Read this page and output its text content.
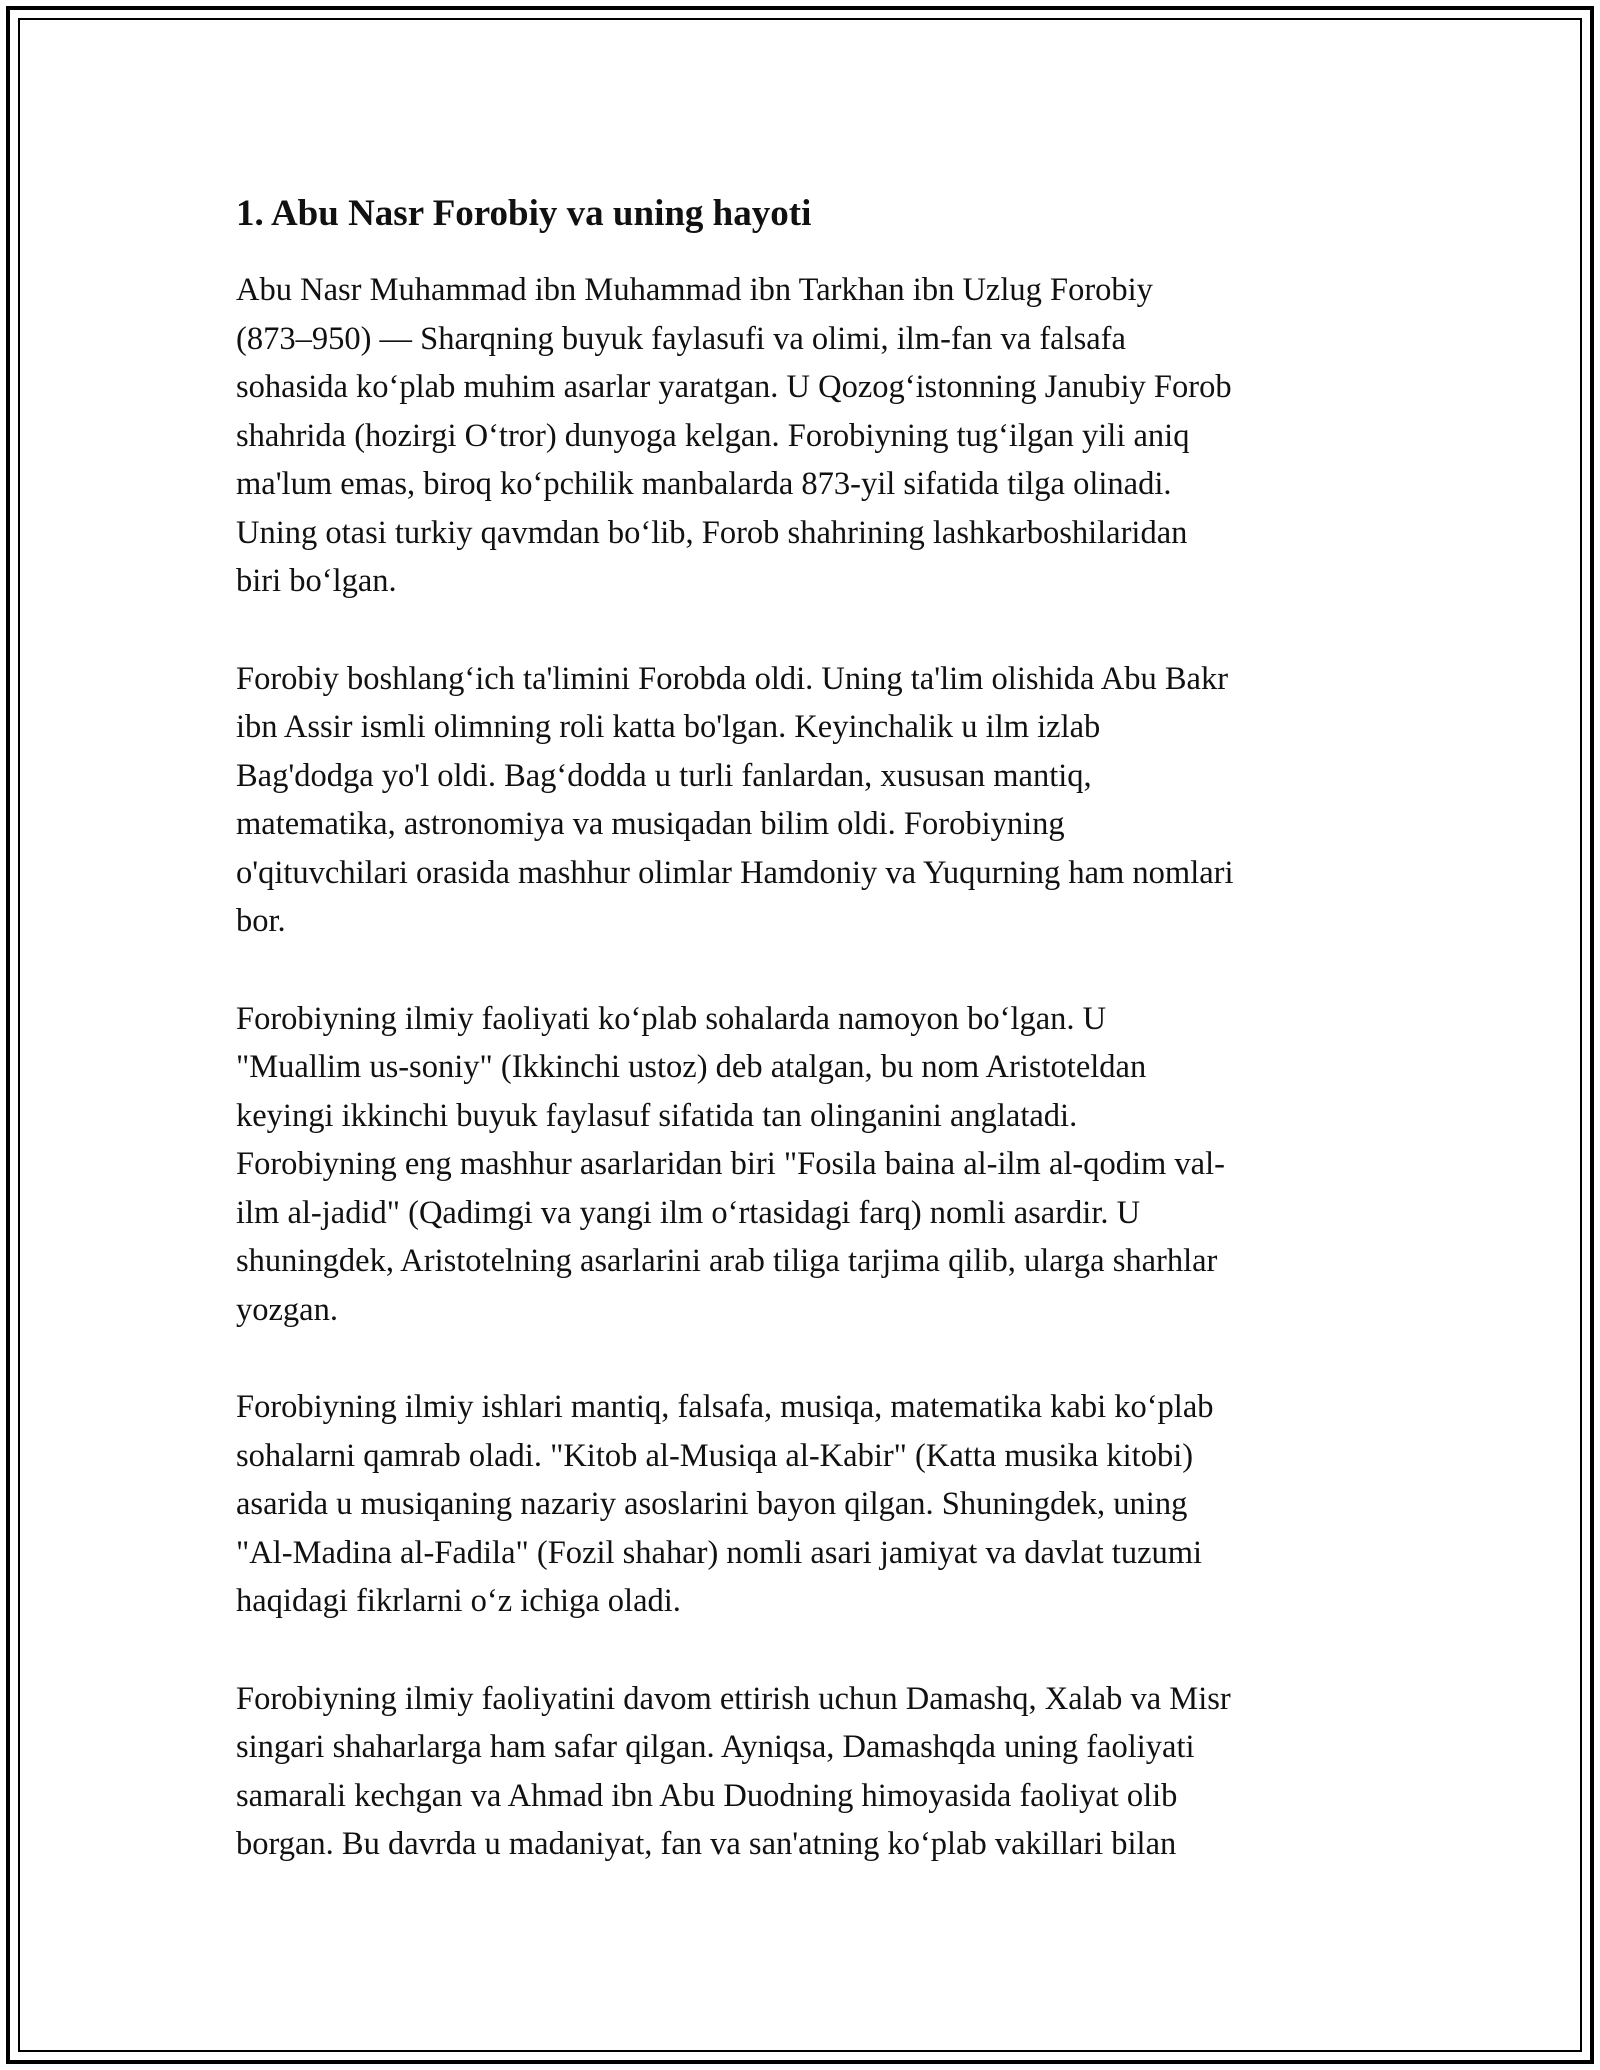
1. Abu Nasr Forobiy va uning hayoti

Abu Nasr Muhammad ibn Muhammad ibn Tarkhan ibn Uzlug Forobiy
(873–950) — Sharqning buyuk faylasufi va olimi, ilm-fan va falsafa
sohasida ko‘plab muhim asarlar yaratgan. U Qozog‘istonning Janubiy Forob
shahrida (hozirgi O‘tror) dunyoga kelgan. Forobiyning tug‘ilgan yili aniq
ma'lum emas, biroq ko‘pchilik manbalarda 873-yil sifatida tilga olinadi.
Uning otasi turkiy qavmdan bo‘lib, Forob shahrining lashkarboshilaridan
biri bo‘lgan.

Forobiy boshlang‘ich ta'limini Forobda oldi. Uning ta'lim olishida Abu Bakr
ibn Assir ismli olimning roli katta bo'lgan. Keyinchalik u ilm izlab
Bag'dodga yo'l oldi. Bag‘dodda u turli fanlardan, xususan mantiq,
matematika, astronomiya va musiqadan bilim oldi. Forobiyning
o'qituvchilari orasida mashhur olimlar Hamdoniy va Yuqurning ham nomlari
bor.

Forobiyning ilmiy faoliyati ko‘plab sohalarda namoyon bo‘lgan. U
"Muallim us-soniy" (Ikkinchi ustoz) deb atalgan, bu nom Aristoteldan
keyingi ikkinchi buyuk faylasuf sifatida tan olinganini anglatadi.
Forobiyning eng mashhur asarlaridan biri "Fosila baina al-ilm al-qodim val-
ilm al-jadid" (Qadimgi va yangi ilm o‘rtasidagi farq) nomli asardir. U
shuningdek, Aristotelning asarlarini arab tiliga tarjima qilib, ularga sharhlar
yozgan.

Forobiyning ilmiy ishlari mantiq, falsafa, musiqa, matematika kabi ko‘plab
sohalarni qamrab oladi. "Kitob al-Musiqa al-Kabir" (Katta musika kitobi)
asarida u musiqaning nazariy asoslarini bayon qilgan. Shuningdek, uning
"Al-Madina al-Fadila" (Fozil shahar) nomli asari jamiyat va davlat tuzumi
haqidagi fikrlarni o‘z ichiga oladi.

Forobiyning ilmiy faoliyatini davom ettirish uchun Damashq, Xalab va Misr
singari shaharlarga ham safar qilgan. Ayniqsa, Damashqda uning faoliyati
samarali kechgan va Ahmad ibn Abu Duodning himoyasida faoliyat olib
borgan. Bu davrda u madaniyat, fan va san'atning ko‘plab vakillari bilan
